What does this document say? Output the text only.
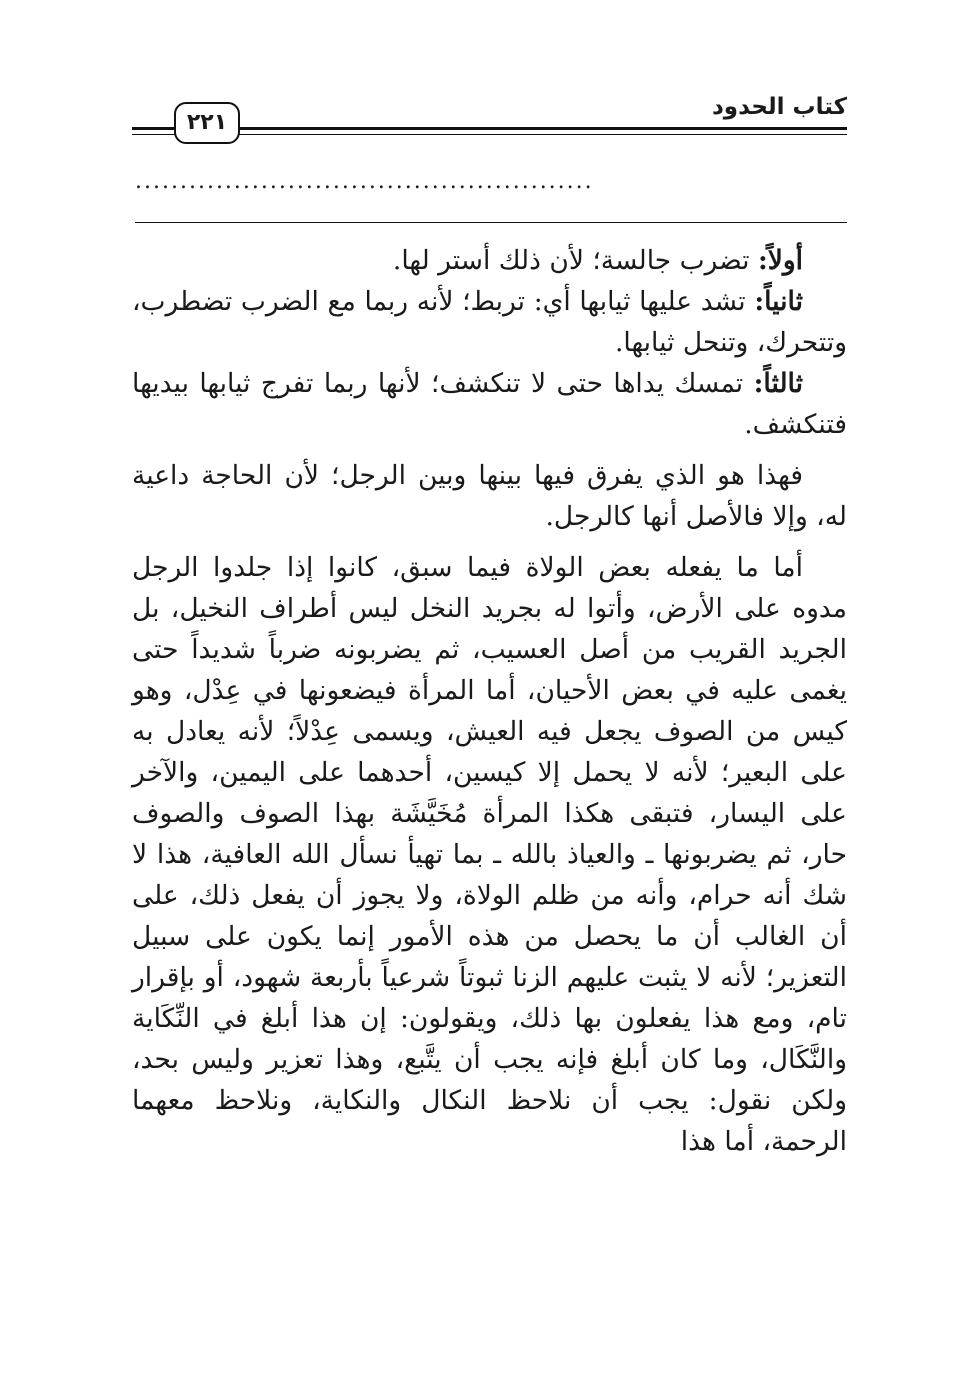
كتاب الحدود
٢٢١
...................................................

أولاً: تضرب جالسة؛ لأن ذلك أستر لها.

ثانياً: تشد عليها ثيابها أي: تربط؛ لأنه ربما مع الضرب تضطرب، وتتحرك، وتنحل ثيابها.

ثالثاً: تمسك يداها حتى لا تنكشف؛ لأنها ربما تفرج ثيابها بيديها فتنكشف.

فهذا هو الذي يفرق فيها بينها وبين الرجل؛ لأن الحاجة داعية له، وإلا فالأصل أنها كالرجل.

أما ما يفعله بعض الولاة فيما سبق، كانوا إذا جلدوا الرجل مدوه على الأرض، وأتوا له بجريد النخل ليس أطراف النخيل، بل الجريد القريب من أصل العسيب، ثم يضربونه ضرباً شديداً حتى يغمى عليه في بعض الأحيان، أما المرأة فيضعونها في عِدْل، وهو كيس من الصوف يجعل فيه العيش، ويسمى عِدْلاً؛ لأنه يعادل به على البعير؛ لأنه لا يحمل إلا كيسين، أحدهما على اليمين، والآخر على اليسار، فتبقى هكذا المرأة مُخَيَّشَة بهذا الصوف والصوف حار، ثم يضربونها ـ والعياذ بالله ـ بما تهيأ نسأل الله العافية، هذا لا شك أنه حرام، وأنه من ظلم الولاة، ولا يجوز أن يفعل ذلك، على أن الغالب أن ما يحصل من هذه الأمور إنما يكون على سبيل التعزير؛ لأنه لا يثبت عليهم الزنا ثبوتاً شرعياً بأربعة شهود، أو بإقرار تام، ومع هذا يفعلون بها ذلك، ويقولون: إن هذا أبلغ في النِّكَاية والنَّكَال، وما كان أبلغ فإنه يجب أن يتَّبع، وهذا تعزير وليس بحد، ولكن نقول: يجب أن نلاحظ النكال والنكاية، ونلاحظ معهما الرحمة، أما هذا
